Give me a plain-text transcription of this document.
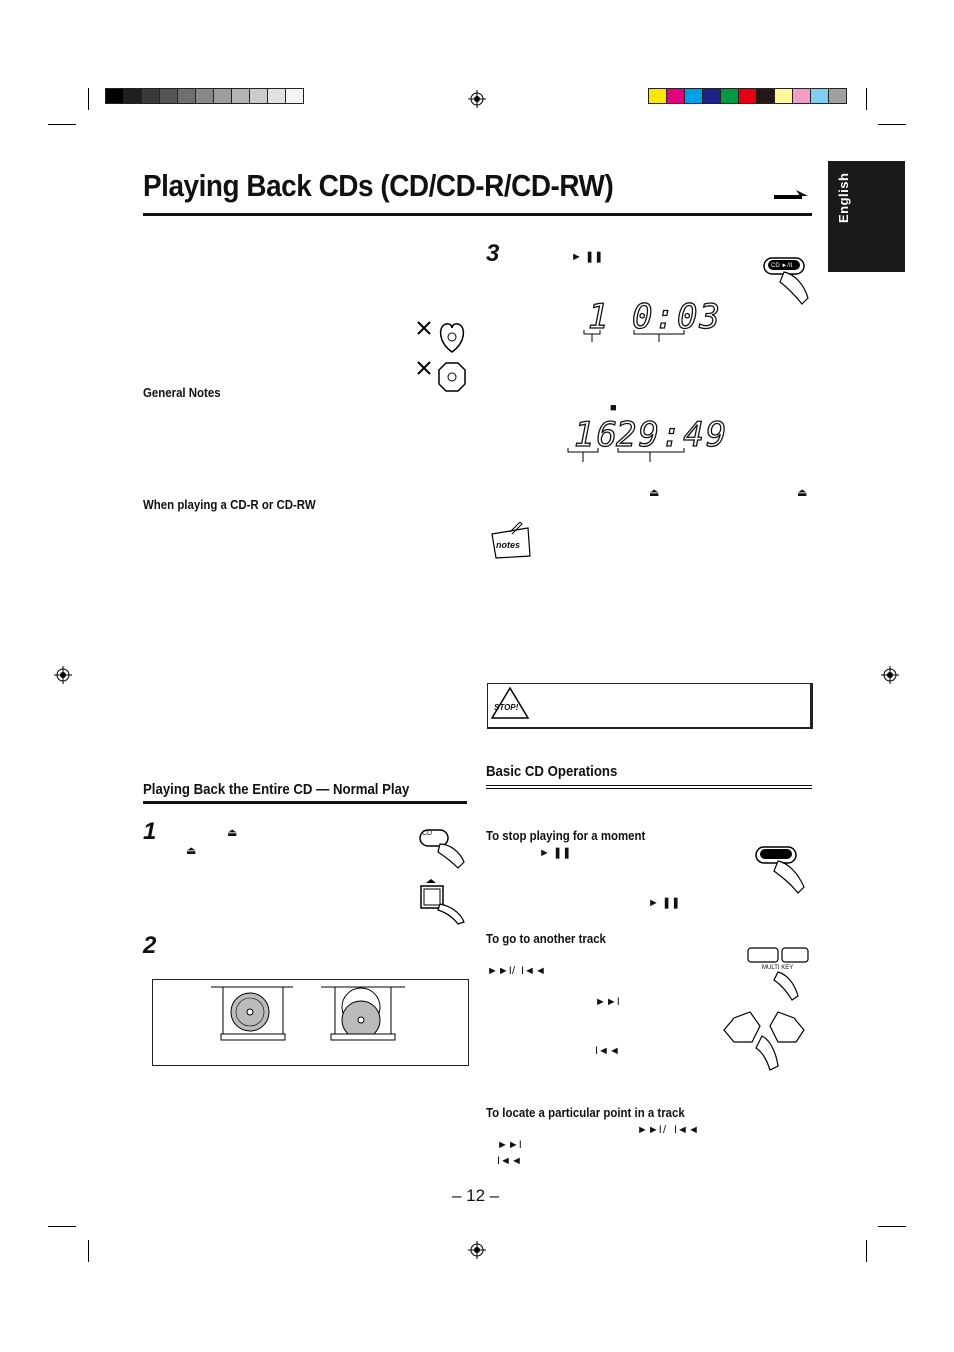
Playing Back CDs (CD/CD-R/CD-RW)	English
General Notes
When playing a CD-R or CD-RW
Playing Back the Entire CD — Normal Play
1	⏏
⏏
CD
2
3	► ❚❚
CD ►/II
1 0:03
■
16
29:49
⏏	⏏
notes
STOP!
Basic CD Operations
To stop playing for a moment
► ❚❚
► ❚❚
To go to another track
►►I / I◄◄
►►I
I◄◄
MULTI KEY
To locate a particular point in a track
►►I / I◄◄
►►I
I◄◄
– 12 –
